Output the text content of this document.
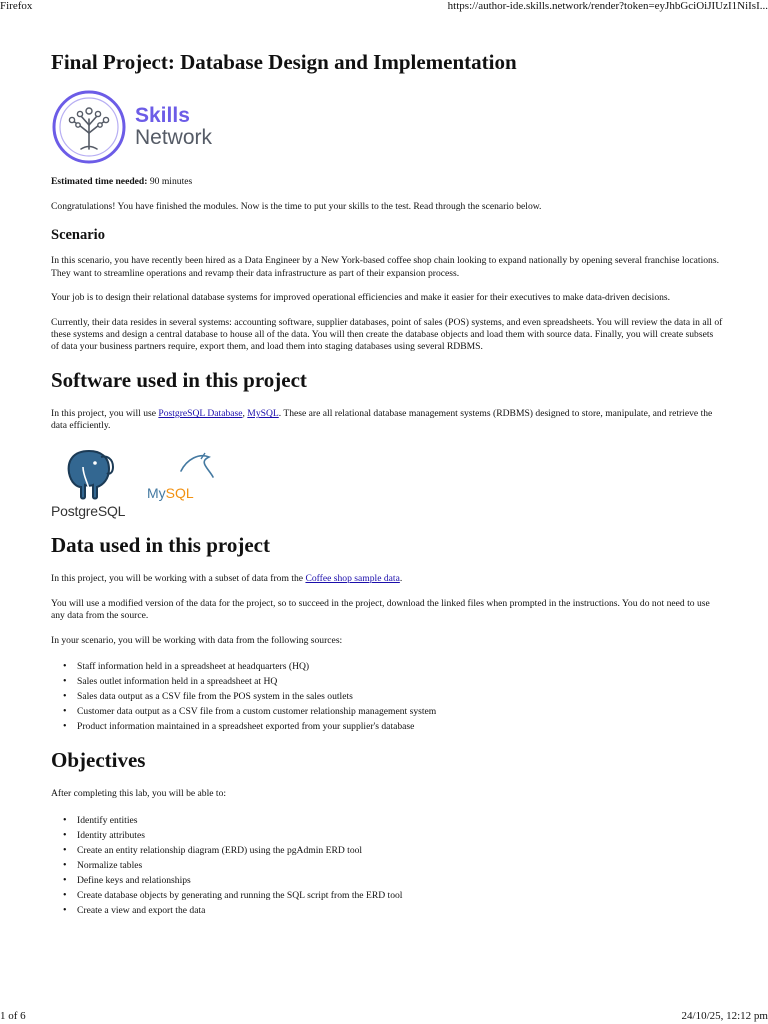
Firefox	https://author-ide.skills.network/render?token=eyJhbGciOiJIUzI1NiIsI...
Final Project: Database Design and Implementation
Skills
Network

Estimated time needed: 90 minutes

Congratulations! You have finished the modules. Now is the time to put your skills to the test. Read through the scenario below.

Scenario

In this scenario, you have recently been hired as a Data Engineer by a New York-based coffee shop chain looking to expand nationally by opening several franchise locations. They want to streamline operations and revamp their data infrastructure as part of their expansion process.

Your job is to design their relational database systems for improved operational efficiencies and make it easier for their executives to make data-driven decisions.

Currently, their data resides in several systems: accounting software, supplier databases, point of sales (POS) systems, and even spreadsheets. You will review the data in all of these systems and design a central database to house all of the data. You will then create the database objects and load them with source data. Finally, you will create subsets of data your business partners require, export them, and load them into staging databases using several RDBMS.

Software used in this project

In this project, you will use PostgreSQL Database, MySQL. These are all relational database management systems (RDBMS) designed to store, manipulate, and retrieve the data efficiently.

PostgreSQL
MySQL
Data used in this project

In this project, you will be working with a subset of data from the Coffee shop sample data.

You will use a modified version of the data for the project, so to succeed in the project, download the linked files when prompted in the instructions. You do not need to use any data from the source.

In your scenario, you will be working with data from the following sources:

• Staff information held in a spreadsheet at headquarters (HQ)
• Sales outlet information held in a spreadsheet at HQ
• Sales data output as a CSV file from the POS system in the sales outlets
• Customer data output as a CSV file from a custom customer relationship management system
• Product information maintained in a spreadsheet exported from your supplier's database
Objectives

After completing this lab, you will be able to:

• Identify entities
• Identity attributes
• Create an entity relationship diagram (ERD) using the pgAdmin ERD tool
• Normalize tables
• Define keys and relationships
• Create database objects by generating and running the SQL script from the ERD tool
• Create a view and export the data
1 of 6	24/10/25, 12:12 pm
